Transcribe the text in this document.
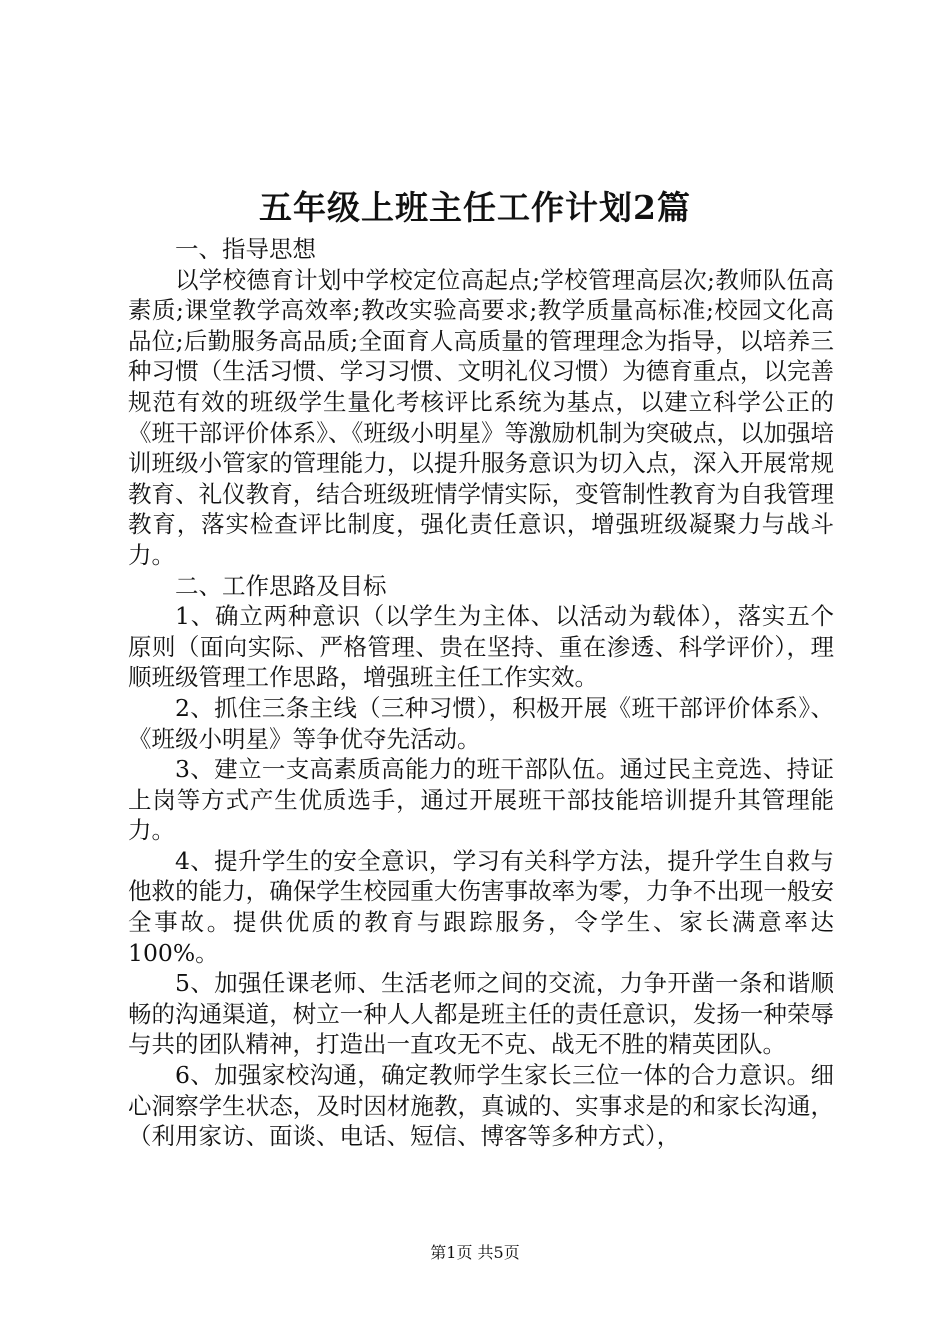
五年级上班主任工作计划2篇

一、指导思想

以学校德育计划中学校定位高起点;学校管理高层次;教师队伍高素质;课堂教学高效率;教改实验高要求;教学质量高标准;校园文化高品位;后勤服务高品质;全面育人高质量的管理理念为指导，以培养三种习惯（生活习惯、学习习惯、文明礼仪习惯）为德育重点，以完善规范有效的班级学生量化考核评比系统为基点，以建立科学公正的《班干部评价体系》、《班级小明星》等激励机制为突破点，以加强培训班级小管家的管理能力，以提升服务意识为切入点，深入开展常规教育、礼仪教育，结合班级班情学情实际，变管制性教育为自我管理教育，落实检查评比制度，强化责任意识，增强班级凝聚力与战斗力。

二、工作思路及目标

1、确立两种意识（以学生为主体、以活动为载体），落实五个原则（面向实际、严格管理、贵在坚持、重在渗透、科学评价），理顺班级管理工作思路，增强班主任工作实效。

2、抓住三条主线（三种习惯），积极开展《班干部评价体系》、《班级小明星》等争优夺先活动。

3、建立一支高素质高能力的班干部队伍。通过民主竞选、持证上岗等方式产生优质选手，通过开展班干部技能培训提升其管理能力。

4、提升学生的安全意识，学习有关科学方法，提升学生自救与他救的能力，确保学生校园重大伤害事故率为零，力争不出现一般安全事故。提供优质的教育与跟踪服务，令学生、家长满意率达100%。

5、加强任课老师、生活老师之间的交流，力争开凿一条和谐顺畅的沟通渠道，树立一种人人都是班主任的责任意识，发扬一种荣辱与共的团队精神，打造出一直攻无不克、战无不胜的精英团队。

6、加强家校沟通，确定教师学生家长三位一体的合力意识。细心洞察学生状态，及时因材施教，真诚的、实事求是的和家长沟通，（利用家访、面谈、电话、短信、博客等多种方式），

第1页 共5页
